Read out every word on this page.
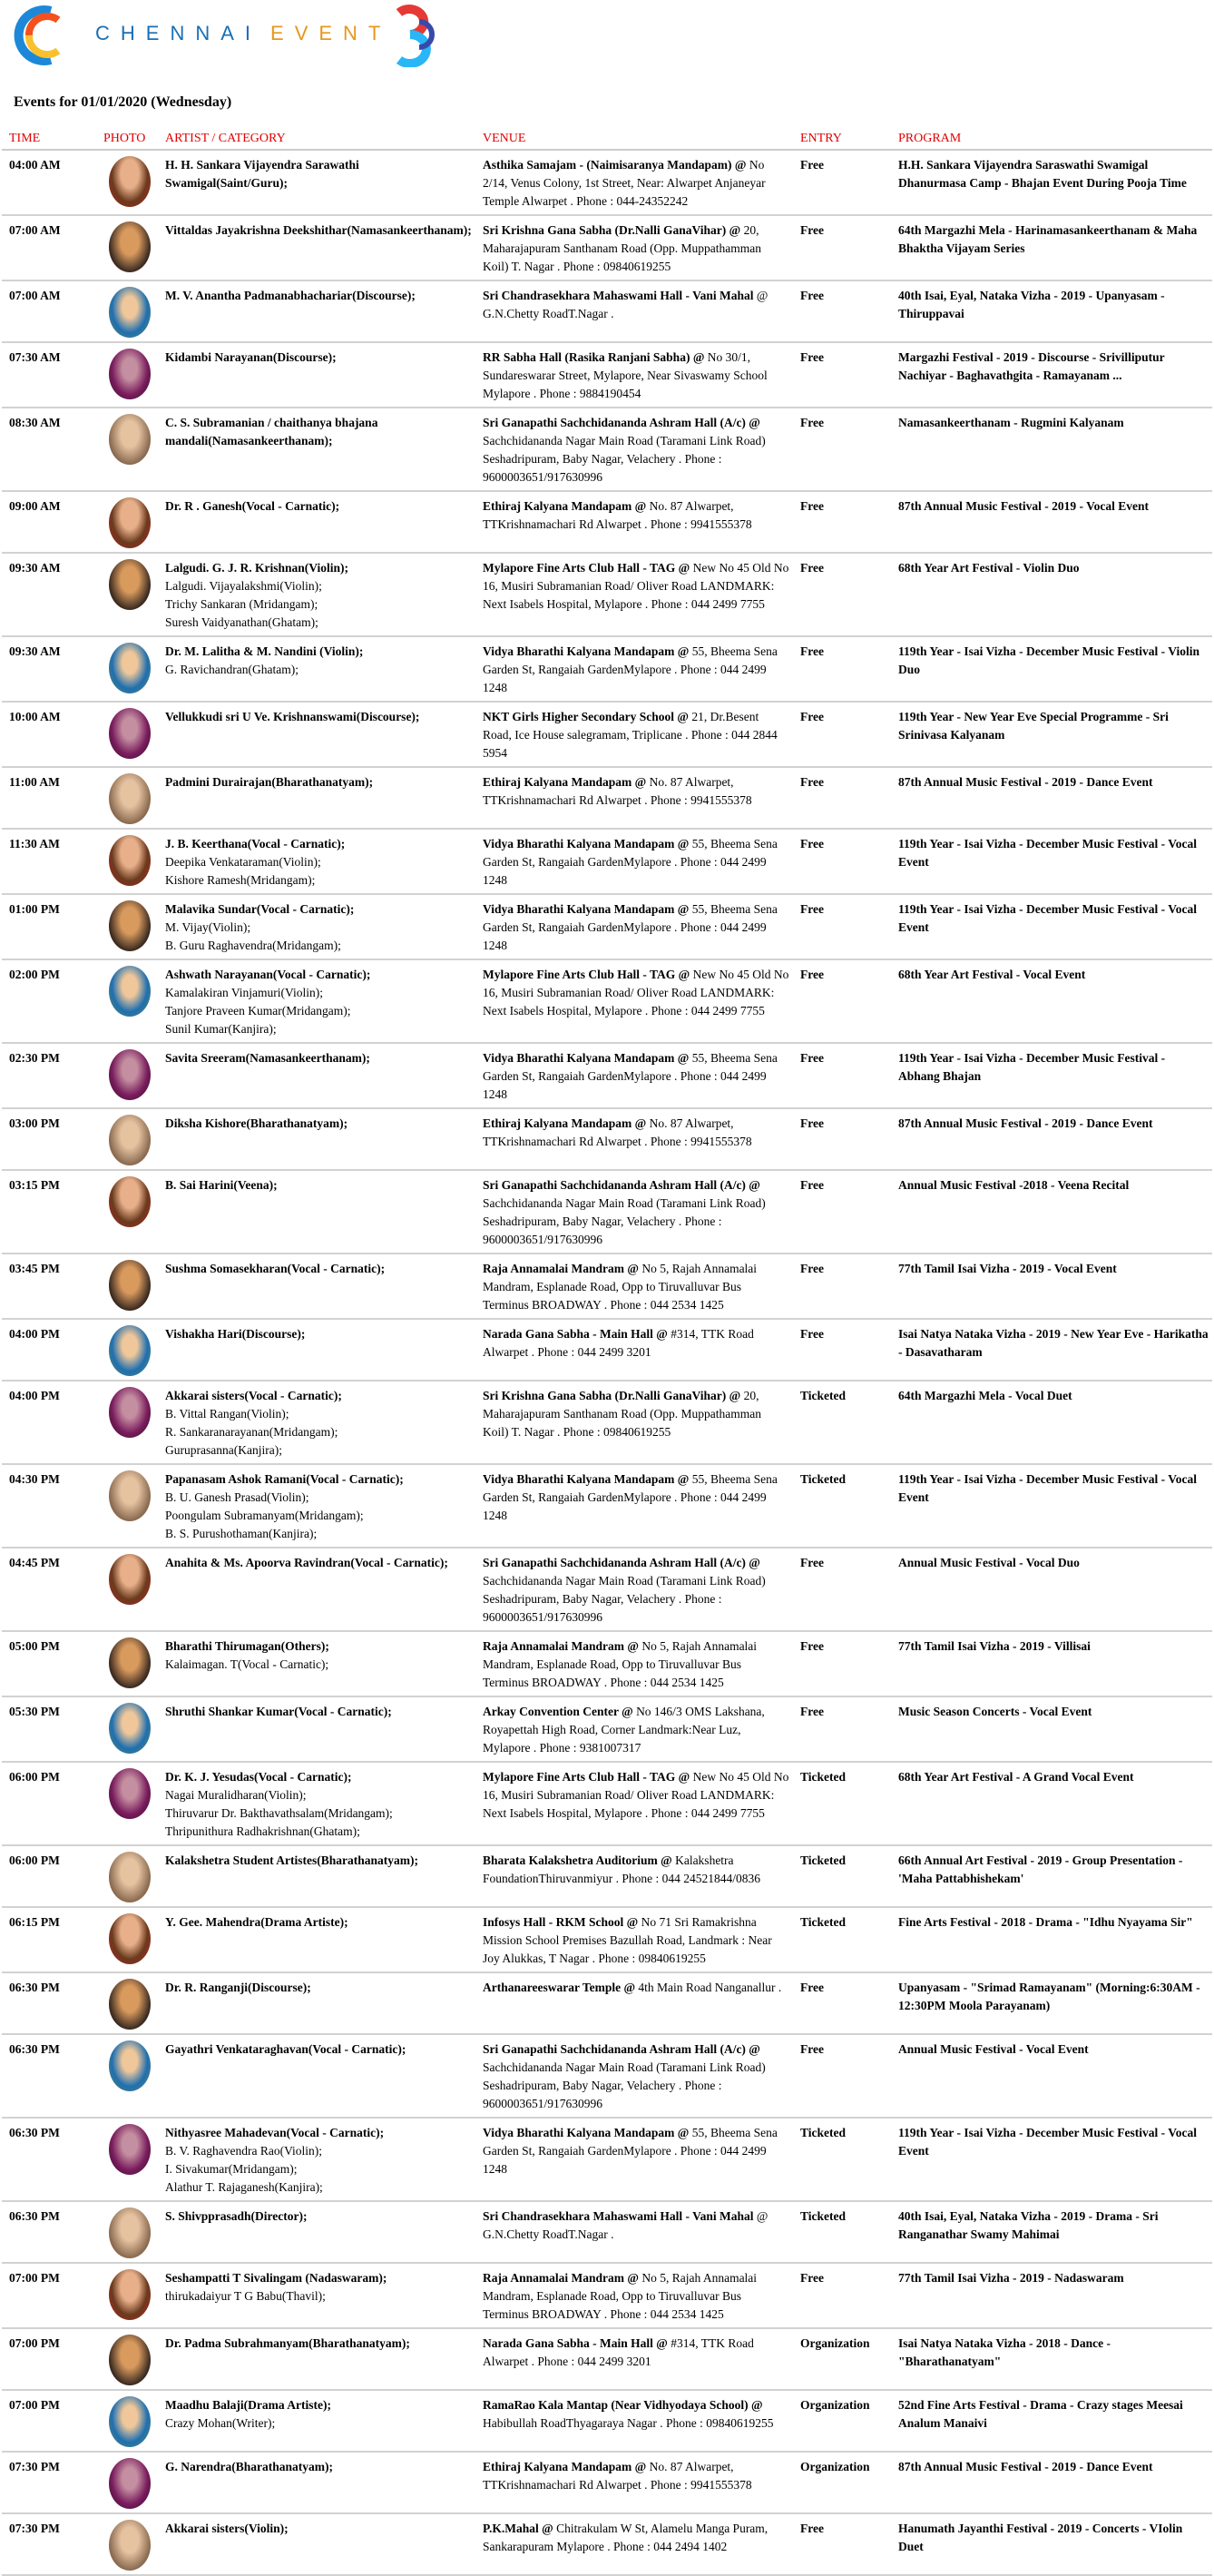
CHENNAI EVENT
Events for 01/01/2020 (Wednesday)
TIME	PHOTO	ARTIST / CATEGORY	VENUE	ENTRY	PROGRAM
04:00 AM		H. H. Sankara Vijayendra Sarawathi Swamigal(Saint/Guru);	Asthika Samajam - (Naimisaranya Mandapam) @ No 2/14, Venus Colony, 1st Street, Near: Alwarpet Anjaneyar Temple Alwarpet . Phone : 044-24352242	Free	H.H. Sankara Vijayendra Saraswathi Swamigal Dhanurmasa Camp - Bhajan Event During Pooja Time
07:00 AM		Vittaldas Jayakrishna Deekshithar(Namasankeerthanam);	Sri Krishna Gana Sabha (Dr.Nalli GanaVihar) @ 20, Maharajapuram Santhanam Road (Opp. Muppathamman Koil) T. Nagar . Phone : 09840619255	Free	64th Margazhi Mela - Harinamasankeerthanam & Maha Bhaktha Vijayam Series
07:00 AM		M. V. Anantha Padmanabhachariar(Discourse);	Sri Chandrasekhara Mahaswami Hall - Vani Mahal @ G.N.Chetty RoadT.Nagar .	Free	40th Isai, Eyal, Nataka Vizha - 2019 - Upanyasam - Thiruppavai
07:30 AM		Kidambi Narayanan(Discourse);	RR Sabha Hall (Rasika Ranjani Sabha) @ No 30/1, Sundareswarar Street, Mylapore, Near Sivaswamy School Mylapore . Phone : 9884190454	Free	Margazhi Festival - 2019 - Discourse - Srivilliputur Nachiyar - Baghavathgita - Ramayanam ...
08:30 AM		C. S. Subramanian / chaithanya bhajana mandali(Namasankeerthanam);	Sri Ganapathi Sachchidananda Ashram Hall (A/c) @ Sachchidananda Nagar Main Road (Taramani Link Road) Seshadripuram, Baby Nagar, Velachery . Phone : 9600003651/917630996	Free	Namasankeerthanam - Rugmini Kalyanam
09:00 AM		Dr. R . Ganesh(Vocal - Carnatic);	Ethiraj Kalyana Mandapam @ No. 87 Alwarpet, TTKrishnamachari Rd Alwarpet . Phone : 9941555378	Free	87th Annual Music Festival - 2019 - Vocal Event
09:30 AM		Lalgudi. G. J. R. Krishnan(Violin);
Lalgudi. Vijayalakshmi(Violin);
Trichy Sankaran (Mridangam);
Suresh Vaidyanathan(Ghatam);	Mylapore Fine Arts Club Hall - TAG @ New No 45 Old No 16, Musiri Subramanian Road/ Oliver Road LANDMARK: Next Isabels Hospital, Mylapore . Phone : 044 2499 7755	Free	68th Year Art Festival - Violin Duo
09:30 AM		Dr. M. Lalitha & M. Nandini (Violin);
G. Ravichandran(Ghatam);	Vidya Bharathi Kalyana Mandapam @ 55, Bheema Sena Garden St, Rangaiah GardenMylapore . Phone : 044 2499 1248	Free	119th Year - Isai Vizha - December Music Festival - Violin Duo
10:00 AM		Vellukkudi sri U Ve. Krishnanswami(Discourse);	NKT Girls Higher Secondary School @ 21, Dr.Besent Road, Ice House salegramam, Triplicane . Phone : 044 2844 5954	Free	119th Year - New Year Eve Special Programme - Sri Srinivasa Kalyanam
11:00 AM		Padmini Durairajan(Bharathanatyam);	Ethiraj Kalyana Mandapam @ No. 87 Alwarpet, TTKrishnamachari Rd Alwarpet . Phone : 9941555378	Free	87th Annual Music Festival - 2019 - Dance Event
11:30 AM		J. B. Keerthana(Vocal - Carnatic);
Deepika Venkataraman(Violin);
Kishore Ramesh(Mridangam);	Vidya Bharathi Kalyana Mandapam @ 55, Bheema Sena Garden St, Rangaiah GardenMylapore . Phone : 044 2499 1248	Free	119th Year - Isai Vizha - December Music Festival - Vocal Event
01:00 PM		Malavika Sundar(Vocal - Carnatic);
M. Vijay(Violin);
B. Guru Raghavendra(Mridangam);	Vidya Bharathi Kalyana Mandapam @ 55, Bheema Sena Garden St, Rangaiah GardenMylapore . Phone : 044 2499 1248	Free	119th Year - Isai Vizha - December Music Festival - Vocal Event
02:00 PM		Ashwath Narayanan(Vocal - Carnatic);
Kamalakiran Vinjamuri(Violin);
Tanjore Praveen Kumar(Mridangam);
Sunil Kumar(Kanjira);	Mylapore Fine Arts Club Hall - TAG @ New No 45 Old No 16, Musiri Subramanian Road/ Oliver Road LANDMARK: Next Isabels Hospital, Mylapore . Phone : 044 2499 7755	Free	68th Year Art Festival - Vocal Event
02:30 PM		Savita Sreeram(Namasankeerthanam);	Vidya Bharathi Kalyana Mandapam @ 55, Bheema Sena Garden St, Rangaiah GardenMylapore . Phone : 044 2499 1248	Free	119th Year - Isai Vizha - December Music Festival - Abhang Bhajan
03:00 PM		Diksha Kishore(Bharathanatyam);	Ethiraj Kalyana Mandapam @ No. 87 Alwarpet, TTKrishnamachari Rd Alwarpet . Phone : 9941555378	Free	87th Annual Music Festival - 2019 - Dance Event
03:15 PM		B. Sai Harini(Veena);	Sri Ganapathi Sachchidananda Ashram Hall (A/c) @ Sachchidananda Nagar Main Road (Taramani Link Road) Seshadripuram, Baby Nagar, Velachery . Phone : 9600003651/917630996	Free	Annual Music Festival -2018 - Veena Recital
03:45 PM		Sushma Somasekharan(Vocal - Carnatic);	Raja Annamalai Mandram @ No 5, Rajah Annamalai Mandram, Esplanade Road, Opp to Tiruvalluvar Bus Terminus BROADWAY . Phone : 044 2534 1425	Free	77th Tamil Isai Vizha - 2019 - Vocal Event
04:00 PM		Vishakha Hari(Discourse);	Narada Gana Sabha - Main Hall @ #314, TTK Road Alwarpet . Phone : 044 2499 3201	Free	Isai Natya Nataka Vizha - 2019 - New Year Eve - Harikatha - Dasavatharam
04:00 PM		Akkarai sisters(Vocal - Carnatic);
B. Vittal Rangan(Violin);
R. Sankaranarayanan(Mridangam);
Guruprasanna(Kanjira);	Sri Krishna Gana Sabha (Dr.Nalli GanaVihar) @ 20, Maharajapuram Santhanam Road (Opp. Muppathamman Koil) T. Nagar . Phone : 09840619255	Ticketed	64th Margazhi Mela - Vocal Duet
04:30 PM		Papanasam Ashok Ramani(Vocal - Carnatic);
B. U. Ganesh Prasad(Violin);
Poongulam Subramanyam(Mridangam);
B. S. Purushothaman(Kanjira);	Vidya Bharathi Kalyana Mandapam @ 55, Bheema Sena Garden St, Rangaiah GardenMylapore . Phone : 044 2499 1248	Ticketed	119th Year - Isai Vizha - December Music Festival - Vocal Event
04:45 PM		Anahita & Ms. Apoorva Ravindran(Vocal - Carnatic);	Sri Ganapathi Sachchidananda Ashram Hall (A/c) @ Sachchidananda Nagar Main Road (Taramani Link Road) Seshadripuram, Baby Nagar, Velachery . Phone : 9600003651/917630996	Free	Annual Music Festival - Vocal Duo
05:00 PM		Bharathi Thirumagan(Others);
Kalaimagan. T(Vocal - Carnatic);	Raja Annamalai Mandram @ No 5, Rajah Annamalai Mandram, Esplanade Road, Opp to Tiruvalluvar Bus Terminus BROADWAY . Phone : 044 2534 1425	Free	77th Tamil Isai Vizha - 2019 - Villisai
05:30 PM		Shruthi Shankar Kumar(Vocal - Carnatic);	Arkay Convention Center @ No 146/3 OMS Lakshana, Royapettah High Road, Corner Landmark:Near Luz, Mylapore . Phone : 9381007317	Free	Music Season Concerts - Vocal Event
06:00 PM		Dr. K. J. Yesudas(Vocal - Carnatic);
Nagai Muralidharan(Violin);
Thiruvarur Dr. Bakthavathsalam(Mridangam);
Thripunithura Radhakrishnan(Ghatam);	Mylapore Fine Arts Club Hall - TAG @ New No 45 Old No 16, Musiri Subramanian Road/ Oliver Road LANDMARK: Next Isabels Hospital, Mylapore . Phone : 044 2499 7755	Ticketed	68th Year Art Festival - A Grand Vocal Event
06:00 PM		Kalakshetra Student Artistes(Bharathanatyam);	Bharata Kalakshetra Auditorium @ Kalakshetra FoundationThiruvanmiyur . Phone : 044 24521844/0836	Ticketed	66th Annual Art Festival - 2019 - Group Presentation - 'Maha Pattabhishekam'
06:15 PM		Y. Gee. Mahendra(Drama Artiste);	Infosys Hall - RKM School @ No 71 Sri Ramakrishna Mission School Premises Bazullah Road, Landmark : Near Joy Alukkas, T Nagar . Phone : 09840619255	Ticketed	Fine Arts Festival - 2018 - Drama - "Idhu Nyayama Sir"
06:30 PM		Dr. R. Ranganji(Discourse);	Arthanareeswarar Temple @ 4th Main Road Nanganallur .	Free	Upanyasam - "Srimad Ramayanam" (Morning:6:30AM - 12:30PM Moola Parayanam)
06:30 PM		Gayathri Venkataraghavan(Vocal - Carnatic);	Sri Ganapathi Sachchidananda Ashram Hall (A/c) @ Sachchidananda Nagar Main Road (Taramani Link Road) Seshadripuram, Baby Nagar, Velachery . Phone : 9600003651/917630996	Free	Annual Music Festival - Vocal Event
06:30 PM		Nithyasree Mahadevan(Vocal - Carnatic);
B. V. Raghavendra Rao(Violin);
I. Sivakumar(Mridangam);
Alathur T. Rajaganesh(Kanjira);	Vidya Bharathi Kalyana Mandapam @ 55, Bheema Sena Garden St, Rangaiah GardenMylapore . Phone : 044 2499 1248	Ticketed	119th Year - Isai Vizha - December Music Festival - Vocal Event
06:30 PM		S. Shivpprasadh(Director);	Sri Chandrasekhara Mahaswami Hall - Vani Mahal @ G.N.Chetty RoadT.Nagar .	Ticketed	40th Isai, Eyal, Nataka Vizha - 2019 - Drama - Sri Ranganathar Swamy Mahimai
07:00 PM		Seshampatti T Sivalingam (Nadaswaram);
thirukadaiyur T G Babu(Thavil);	Raja Annamalai Mandram @ No 5, Rajah Annamalai Mandram, Esplanade Road, Opp to Tiruvalluvar Bus Terminus BROADWAY . Phone : 044 2534 1425	Free	77th Tamil Isai Vizha - 2019 - Nadaswaram
07:00 PM		Dr. Padma Subrahmanyam(Bharathanatyam);	Narada Gana Sabha - Main Hall @ #314, TTK Road Alwarpet . Phone : 044 2499 3201	Organization	Isai Natya Nataka Vizha - 2018 - Dance - "Bharathanatyam"
07:00 PM		Maadhu Balaji(Drama Artiste);
Crazy Mohan(Writer);	RamaRao Kala Mantap (Near Vidhyodaya School) @ Habibullah RoadThyagaraya Nagar . Phone : 09840619255	Organization	52nd Fine Arts Festival - Drama - Crazy stages Meesai Analum Manaivi
07:30 PM		G. Narendra(Bharathanatyam);	Ethiraj Kalyana Mandapam @ No. 87 Alwarpet, TTKrishnamachari Rd Alwarpet . Phone : 9941555378	Organization	87th Annual Music Festival - 2019 - Dance Event
07:30 PM		Akkarai sisters(Violin);	P.K.Mahal @ Chitrakulam W St, Alamelu Manga Puram, Sankarapuram Mylapore . Phone : 044 2494 1402	Free	Hanumath Jayanthi Festival - 2019 - Concerts - VIolin Duet
